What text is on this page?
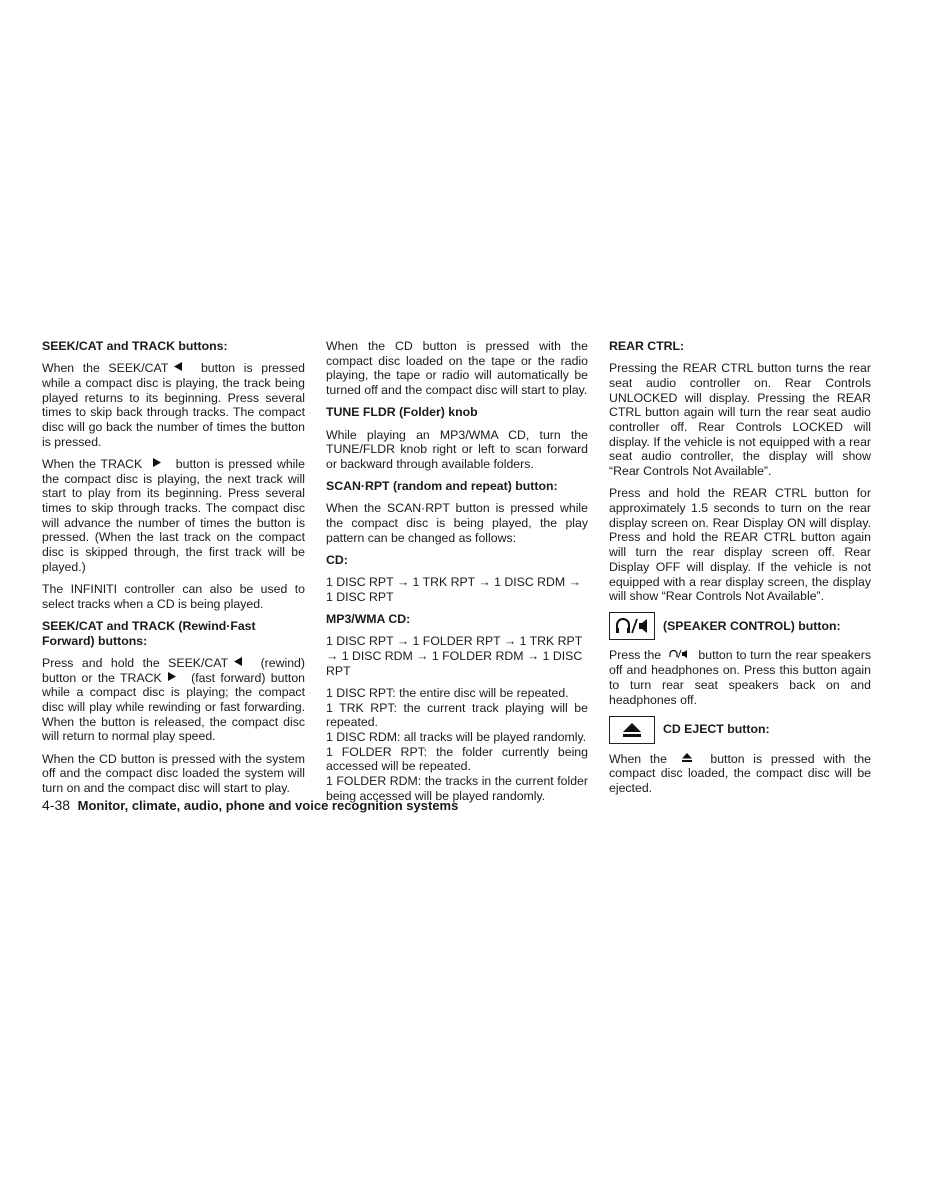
SEEK/CAT and TRACK buttons:

When the SEEK/CAT	button is pressed while a compact disc is playing, the track being played returns to its beginning. Press several times to skip back through tracks. The compact disc will go back the number of times the button is pressed.

When the TRACK	button is pressed while the compact disc is playing, the next track will start to play from its beginning. Press several times to skip through tracks. The compact disc will advance the number of times the button is pressed. (When the last track on the compact disc is skipped through, the first track will be played.)

The INFINITI controller can also be used to select tracks when a CD is being played.

SEEK/CAT and TRACK (Rewind·Fast Forward) buttons:

Press and hold the SEEK/CAT	(rewind) button or the TRACK (fast forward) button while a compact disc is playing; the compact disc will play while rewinding or fast forwarding. When the button is released, the compact disc will return to normal play speed.

When the CD button is pressed with the system off and the compact disc loaded the system will turn on and the compact disc will start to play.

When the CD button is pressed with the compact disc loaded on the tape or the radio playing, the tape or radio will automatically be turned off and the compact disc will start to play.

TUNE FLDR (Folder) knob

While playing an MP3/WMA CD, turn the TUNE/FLDR knob right or left to scan forward or backward through available folders.

SCAN·RPT (random and repeat) button:

When the SCAN·RPT button is pressed while the compact disc is being played, the play pattern can be changed as follows:

CD:

1 DISC RPT → 1 TRK RPT → 1 DISC RDM → 1 DISC RPT

MP3/WMA CD:

1 DISC RPT → 1 FOLDER RPT → 1 TRK RPT → 1 DISC RDM → 1 FOLDER RDM → 1 DISC RPT

1 DISC RPT: the entire disc will be repeated.

1 TRK RPT: the current track playing will be repeated.

1 DISC RDM: all tracks will be played randomly.

1 FOLDER RPT: the folder currently being accessed will be repeated.

1 FOLDER RDM: the tracks in the current folder being accessed will be played randomly.

REAR CTRL:

Pressing the REAR CTRL button turns the rear seat audio controller on. Rear Controls UNLOCKED will display. Pressing the REAR CTRL button again will turn the rear seat audio controller off. Rear Controls LOCKED will display. If the vehicle is not equipped with a rear seat audio controller, the display will show “Rear Controls Not Available”.

Press and hold the REAR CTRL button for approximately 1.5 seconds to turn on the rear display screen on. Rear Display ON will display. Press and hold the REAR CTRL button again will turn the rear display screen off. Rear Display OFF will display. If the vehicle is not equipped with a rear display screen, the display will show “Rear Controls Not Available”.

(SPEAKER CONTROL) button:

Press the	button to turn the rear speakers off and headphones on. Press this button again to turn rear seat speakers back on and headphones off.

CD EJECT button:

When the	button is pressed with the compact disc loaded, the compact disc will be ejected.

4-38 Monitor, climate, audio, phone and voice recognition systems
